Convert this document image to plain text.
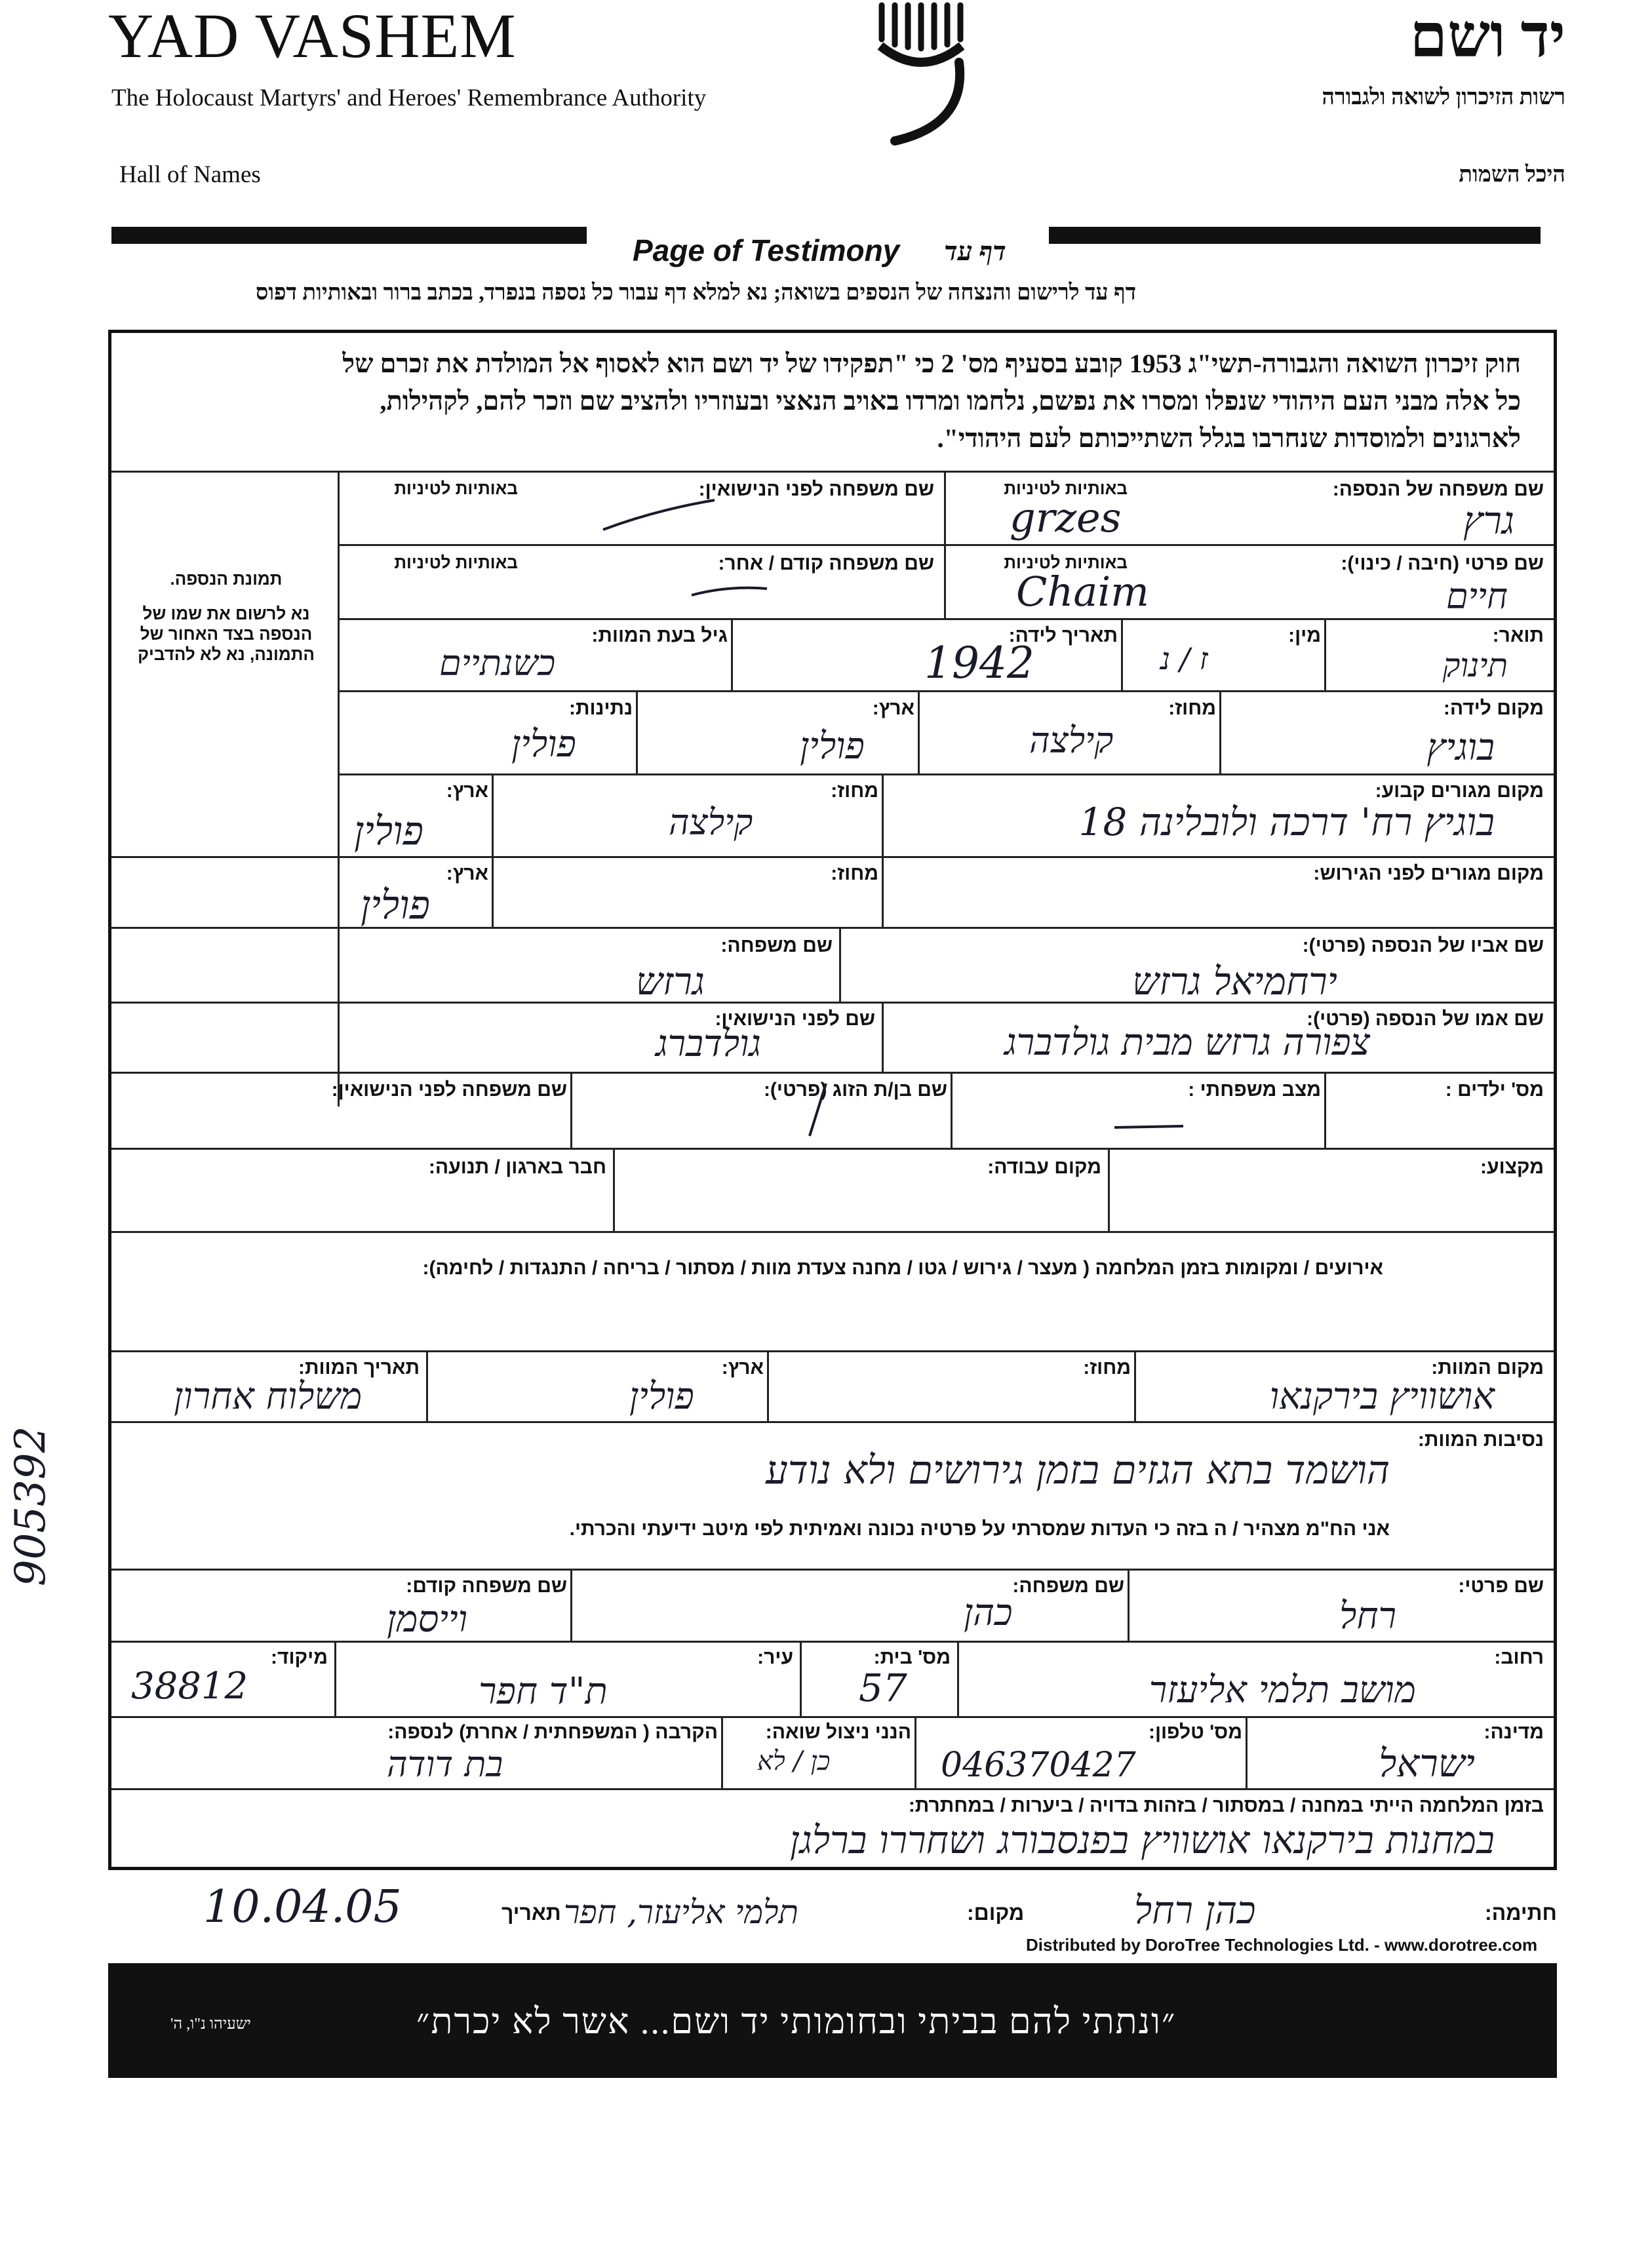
YAD VASHEM
The Holocaust Martyrs' and Heroes' Remembrance Authority
Hall of Names
יד ושם
רשות הזיכרון לשואה ולגבורה
היכל השמות
Page of Testimony דף עד
דף עד לרישום והנצחה של הנספים בשואה; נא למלא דף עבור כל נספה בנפרד, בכתב ברור ובאותיות דפוס
חוק זיכרון השואה והגבורה-תשי"ג 1953 קובע בסעיף מס' 2 כי "תפקידו של יד ושם הוא לאסוף אל המולדת את זכרם של
כל אלה מבני העם היהודי שנפלו ומסרו את נפשם, נלחמו ומרדו באויב הנאצי ובעוזריו ולהציב שם וזכר להם, לקהילות,
לארגונים ולמוסדות שנחרבו בגלל השתייכותם לעם היהודי".
תמונת הנספה.
נא לרשום את שמו של
הנספה בצד האחור של
התמונה, נא לא להדביק
שם משפחה של הנספה:
באותיות לטיניות
גרץ
grzes
שם משפחה לפני הנישואין:
באותיות לטיניות
שם פרטי (חיבה / כינוי):
באותיות לטיניות
חיים
Chaim
שם משפחה קודם / אחר:
באותיות לטיניות
תואר:
תינוק
מין:
ז / נ
תאריך לידה:
1942
גיל בעת המוות:
כשנתיים
מקום לידה:
בוגיץ
מחוז:
קילצה
ארץ:
פולין
נתינות:
פולין
מקום מגורים קבוע:
בוגיץ רח' דרכה ולובלינה 18
מחוז:
קילצה
ארץ:
פולין
מקום מגורים לפני הגירוש:
מחוז:
ארץ:
פולין
שם אביו של הנספה (פרטי):
ירחמיאל גרזש
שם משפחה:
גרזש
שם אמו של הנספה (פרטי):
צפורה גרזש מבית גולדברג
שם לפני הנישואין:
גולדברג
מס' ילדים :
מצב משפחתי :
שם בן/ת הזוג (פרטי):
שם משפחה לפני הנישואין:
מקצוע:
מקום עבודה:
חבר בארגון / תנועה:
אירועים / ומקומות בזמן המלחמה ( מעצר / גירוש / גטו / מחנה צעדת מוות / מסתור / בריחה / התנגדות / לחימה):
מקום המוות:
אושוויץ בירקנאו
מחוז:
ארץ:
פולין
תאריך המוות:
משלוח אחרון
נסיבות המוות:
הושמד בתא הגזים בזמן גירושים ולא נודע
אני הח"מ מצהיר / ה בזה כי העדות שמסרתי על פרטיה נכונה ואמיתית לפי מיטב ידיעתי והכרתי.
שם פרטי:
רחל
שם משפחה:
כהן
שם משפחה קודם:
וייסמן
רחוב:
מושב תלמי אליעזר
מס' בית:
57
עיר:
ת"ד חפר
מיקוד:
38812
מדינה:
ישראל
מס' טלפון:
046370427
הנני ניצול שואה:
כן / לא
הקרבה ( המשפחתית / אחרת) לנספה:
בת דודה
בזמן המלחמה הייתי במחנה / במסתור / בזהות בדויה / ביערות / במחתרת:
במחנות בירקנאו אושוויץ בפנסבורג ושחררו ברלגן
חתימה:
כהן רחל
מקום:
תלמי אליעזר, חפר
תאריך
10.04.05
Distributed by DoroTree Technologies Ltd. - www.dorotree.com
״ונתתי להם בביתי ובחומותי יד ושם... אשר לא יכרת״
ישעיהו נ"ו, ה'
905392
